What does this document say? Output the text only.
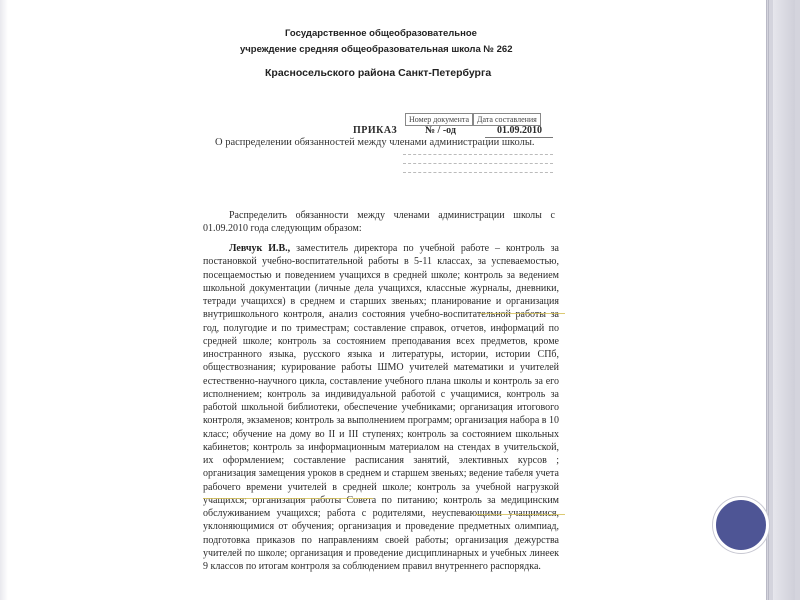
Государственное общеобразовательное
учреждение средняя общеобразовательная школа № 262
Красносельского района Санкт-Петербурга
Номер документа Дата составления
ПРИКАЗ	№ / -од	01.09.2010
О распределении обязанностей между членами администрации школы.
Распределить обязанности между членами администрации школы с 01.09.2010 года следующим образом:
Левчук И.В., заместитель директора по учебной работе – контроль за постановкой учебно-воспитательной работы в 5-11 классах, за успеваемостью, посещаемостью и поведением учащихся в средней школе; контроль за ведением школьной документации (личные дела учащихся, классные журналы, дневники, тетради учащихся) в среднем и старших звеньях; планирование и организация внутришкольного контроля, анализ состояния учебно-воспитательной работы за год, полугодие и по триместрам; составление справок, отчетов, информаций по средней школе; контроль за состоянием преподавания всех предметов, кроме иностранного языка, русского языка и литературы, истории, истории СПб, обществознания; курирование работы ШМО учителей математики и учителей естественно-научного цикла, составление учебного плана школы и контроль за его исполнением; контроль за индивидуальной работой с учащимися, контроль за работой школьной библиотеки, обеспечение учебниками; организация итогового контроля, экзаменов; контроль за выполнением программ; организация набора в 10 класс; обучение на дому во II и III ступенях; контроль за состоянием школьных кабинетов; контроль за информационным материалом на стендах в учительской, их оформлением; составление расписания занятий, элективных курсов ; организация замещения уроков в среднем и старшем звеньях; ведение табеля учета рабочего времени учителей в средней школе; контроль за учебной нагрузкой учащихся; организация работы Совета по питанию; контроль за медицинским обслуживанием учащихся; работа с родителями, неуспевающими учащимися, уклоняющимися от обучения; организация и проведение предметных олимпиад, подготовка приказов по направлениям своей работы; организация дежурства учителей по школе; организация и проведение дисциплинарных и учебных линеек 9 классов по итогам контроля за соблюдением правил внутреннего распорядка.
